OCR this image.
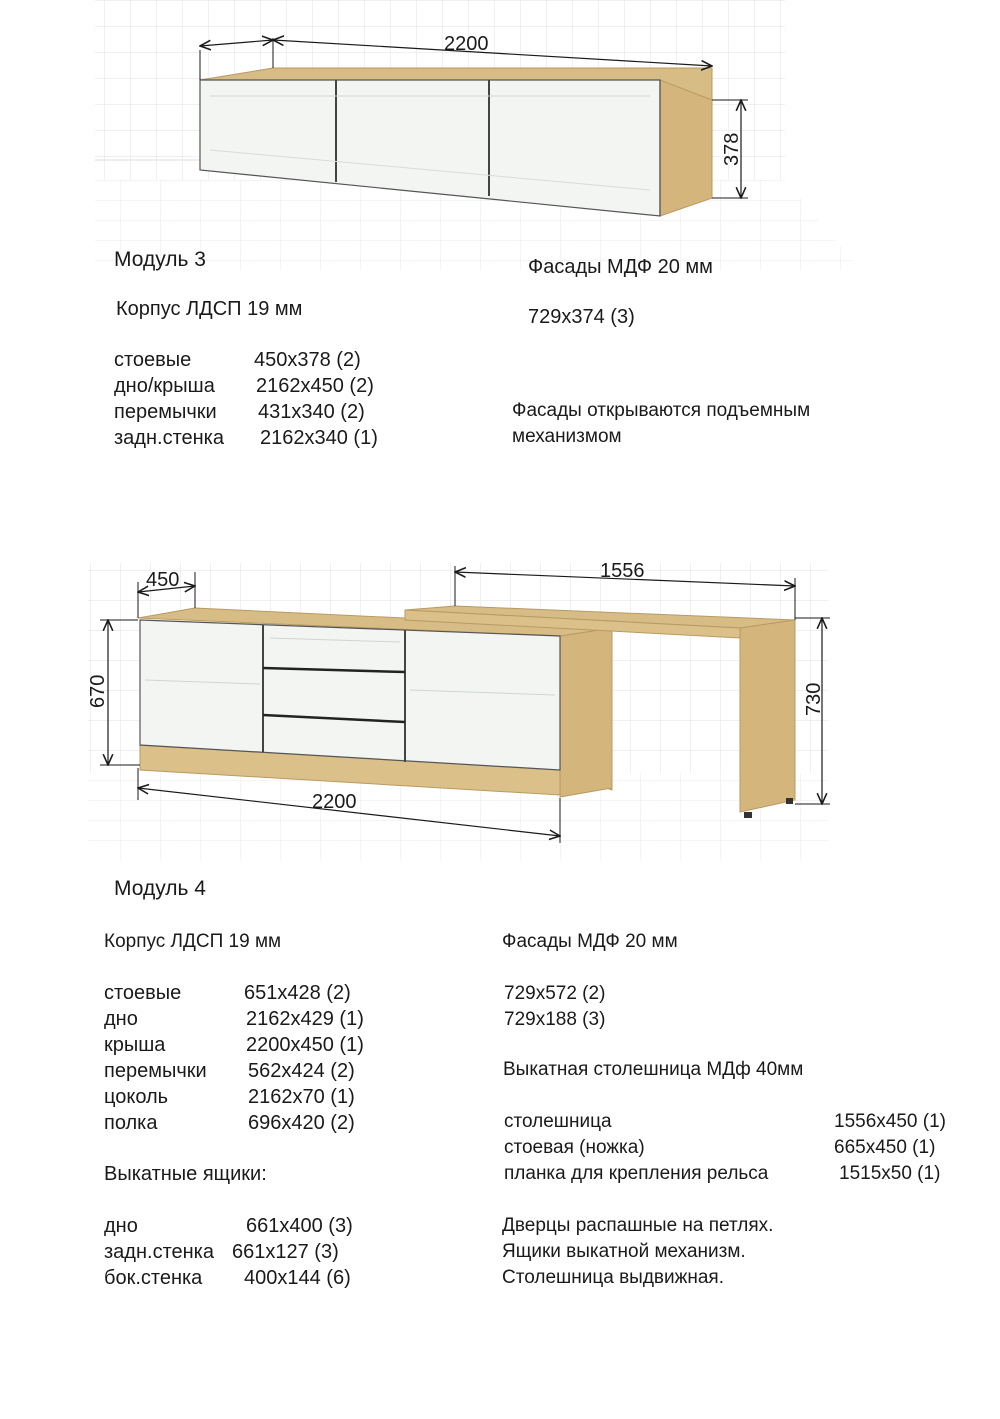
2200
378
450	1556
670	730
2200
Модуль 3
Корпус ЛДСП 19 мм
стоевые	450х378 (2)
дно/крыша 2162х450 (2)
перемычки 431х340 (2)
задн.стенка 2162х340 (1)
Фасады МДФ 20 мм
729х374 (3)
Фасады открываются подъемным
механизмом
Модуль 4
Корпус ЛДСП 19 мм
стоевые	651х428 (2)
дно	2162х429 (1)
крыша	2200х450 (1)
перемычки 562х424 (2)
цоколь	2162х70 (1)
полка	696х420 (2)
Выкатные ящики:
дно	661х400 (3)
задн.стенка 661х127 (3)
бок.стенка 400х144 (6)
Фасады МДФ 20 мм
729х572 (2)
729х188 (3)
Выкатная столешница МДф 40мм
столешница	1556х450 (1)
стоевая (ножка)	665х450 (1)
планка для крепления рельса	1515х50 (1)
Дверцы распашные на петлях.
Ящики выкатной механизм.
Столешница выдвижная.
